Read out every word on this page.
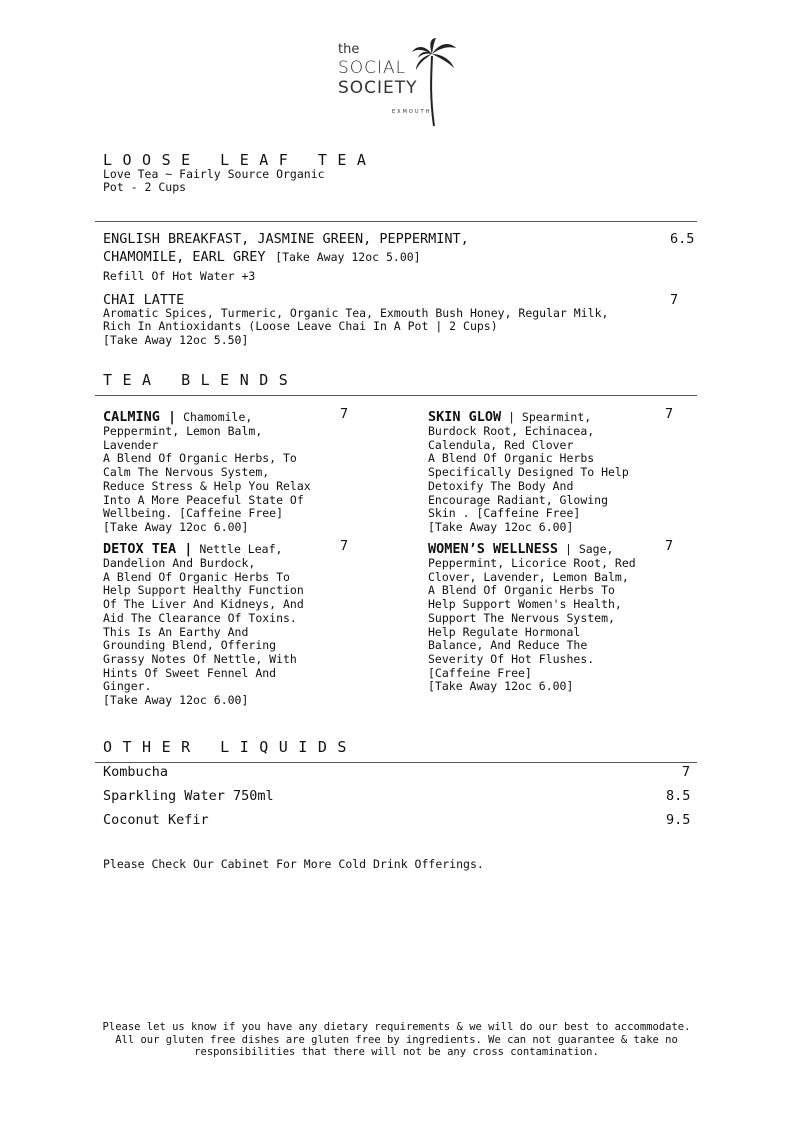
the
SOCIAL
SOCIETY
EXMOUTH
LOOSE LEAF TEA
Love Tea ~ Fairly Source Organic
Pot - 2 Cups
ENGLISH BREAKFAST, JASMINE GREEN, PEPPERMINT,
CHAMOMILE, EARL GREY [Take Away 12oc 5.00]
6.5
Refill Of Hot Water +3
CHAI LATTE	7
Aromatic Spices, Turmeric, Organic Tea, Exmouth Bush Honey, Regular Milk,
Rich In Antioxidants (Loose Leave Chai In A Pot | 2 Cups)
[Take Away 12oc 5.50]
TEA BLENDS
CALMING | Chamomile,
Peppermint, Lemon Balm,
Lavender
A Blend Of Organic Herbs, To
Calm The Nervous System,
Reduce Stress & Help You Relax
Into A More Peaceful State Of
Wellbeing. [Caffeine Free]
[Take Away 12oc 6.00]
7	SKIN GLOW | Spearmint,
Burdock Root, Echinacea,
Calendula, Red Clover
A Blend Of Organic Herbs
Specifically Designed To Help
Detoxify The Body And
Encourage Radiant, Glowing
Skin . [Caffeine Free]
[Take Away 12oc 6.00]
7
DETOX TEA | Nettle Leaf,
Dandelion And Burdock,
A Blend Of Organic Herbs To
Help Support Healthy Function
Of The Liver And Kidneys, And
Aid The Clearance Of Toxins.
This Is An Earthy And
Grounding Blend, Offering
Grassy Notes Of Nettle, With
Hints Of Sweet Fennel And
Ginger.
[Take Away 12oc 6.00]
7	WOMEN’S WELLNESS | Sage,
Peppermint, Licorice Root, Red
Clover, Lavender, Lemon Balm,
A Blend Of Organic Herbs To
Help Support Women's Health,
Support The Nervous System,
Help Regulate Hormonal
Balance, And Reduce The
Severity Of Hot Flushes.
[Caffeine Free]
[Take Away 12oc 6.00]
7
OTHER LIQUIDS
Kombucha	7
Sparkling Water 750ml	8.5
Coconut Kefir	9.5
Please Check Our Cabinet For More Cold Drink Offerings.
Please let us know if you have any dietary requirements & we will do our best to accommodate.
All our gluten free dishes are gluten free by ingredients. We can not guarantee & take no
responsibilities that there will not be any cross contamination.
